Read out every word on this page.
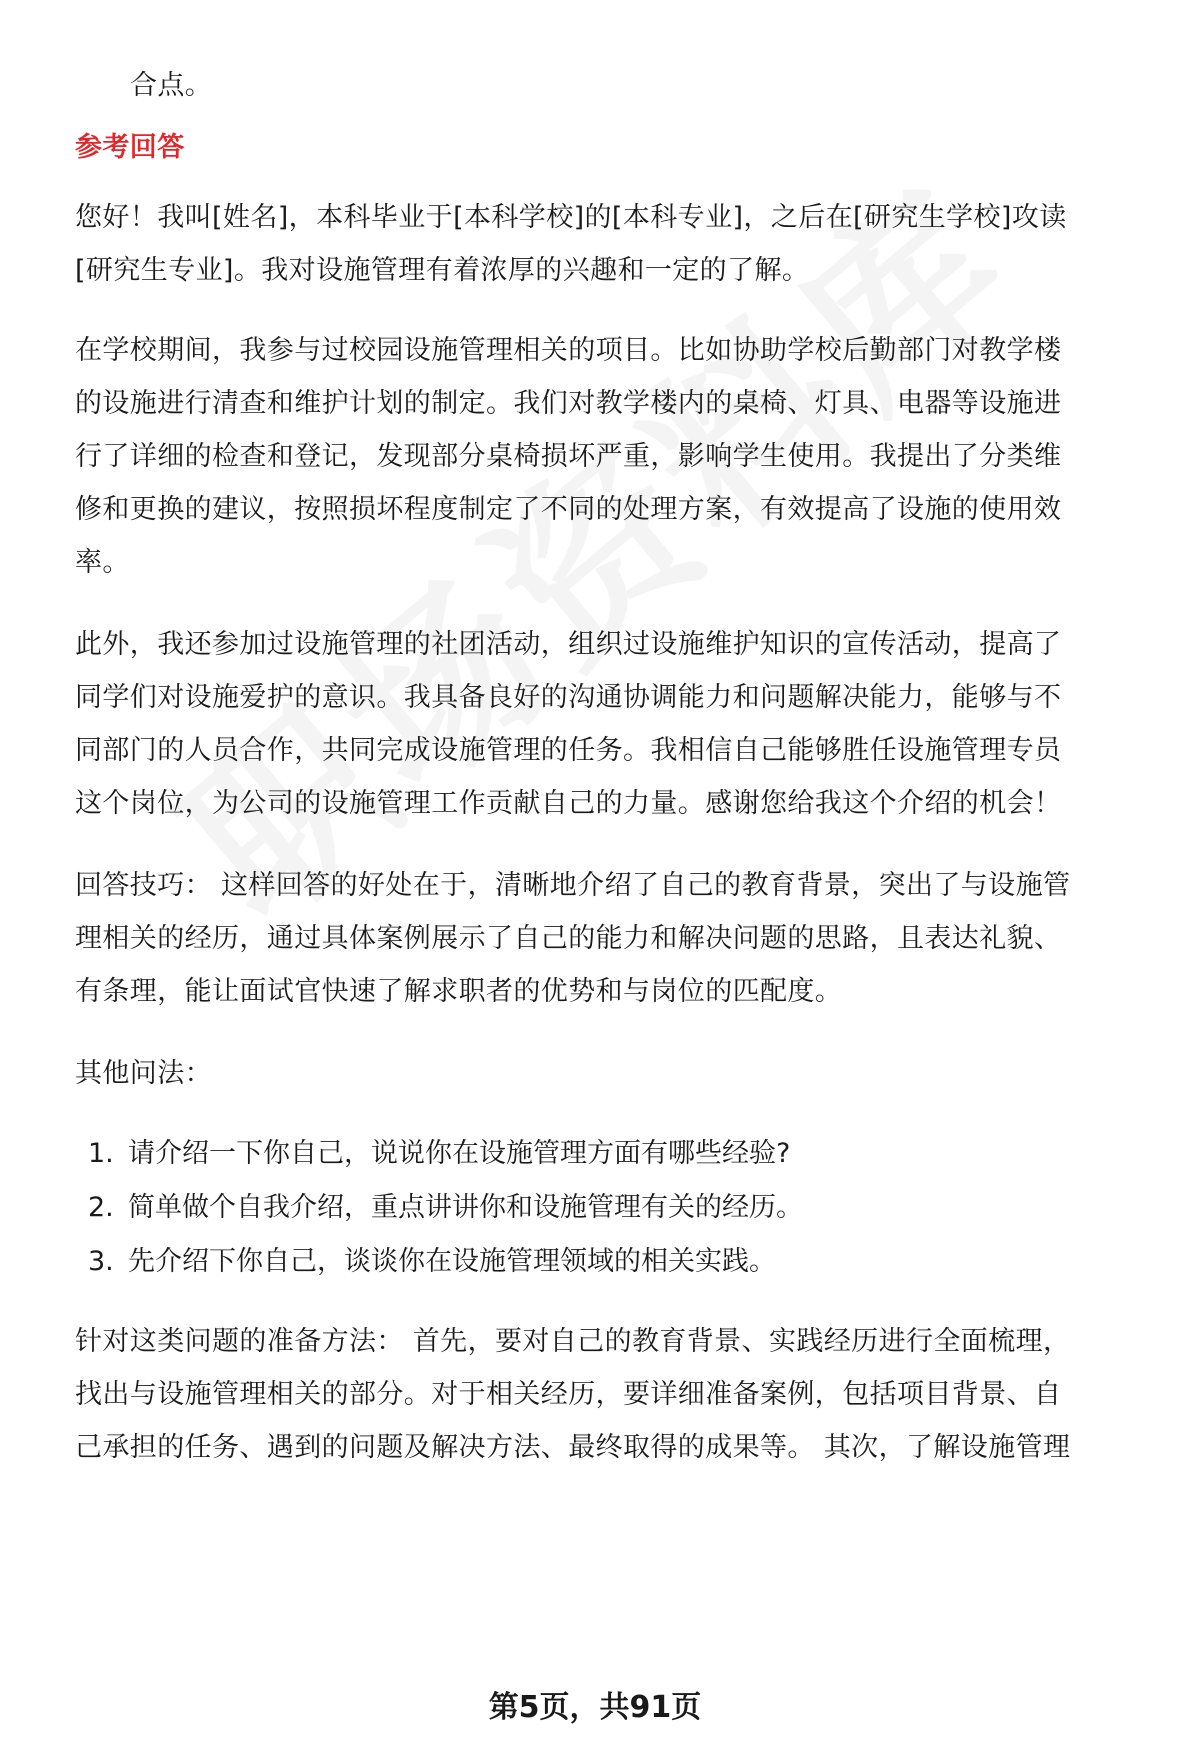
合点。
参考回答
您好！我叫[姓名]，本科毕业于[本科学校]的[本科专业]，之后在[研究生学校]攻读
[研究生专业]。我对设施管理有着浓厚的兴趣和一定的了解。
在学校期间，我参与过校园设施管理相关的项目。比如协助学校后勤部门对教学楼
的设施进行清查和维护计划的制定。我们对教学楼内的桌椅、灯具、电器等设施进
行了详细的检查和登记，发现部分桌椅损坏严重，影响学生使用。我提出了分类维
修和更换的建议，按照损坏程度制定了不同的处理方案，有效提高了设施的使用效
率。
此外，我还参加过设施管理的社团活动，组织过设施维护知识的宣传活动，提高了
同学们对设施爱护的意识。我具备良好的沟通协调能力和问题解决能力，能够与不
同部门的人员合作，共同完成设施管理的任务。我相信自己能够胜任设施管理专员
这个岗位，为公司的设施管理工作贡献自己的力量。感谢您给我这个介绍的机会！
回答技巧： 这样回答的好处在于，清晰地介绍了自己的教育背景，突出了与设施管
理相关的经历，通过具体案例展示了自己的能力和解决问题的思路，且表达礼貌、
有条理，能让面试官快速了解求职者的优势和与岗位的匹配度。
其他问法：
1. 请介绍一下你自己，说说你在设施管理方面有哪些经验?
2. 简单做个自我介绍，重点讲讲你和设施管理有关的经历。
3. 先介绍下你自己，谈谈你在设施管理领域的相关实践。
针对这类问题的准备方法： 首先，要对自己的教育背景、实践经历进行全面梳理，
找出与设施管理相关的部分。对于相关经历，要详细准备案例，包括项目背景、自
己承担的任务、遇到的问题及解决方法、最终取得的成果等。 其次，了解设施管理
第5页，共91页
